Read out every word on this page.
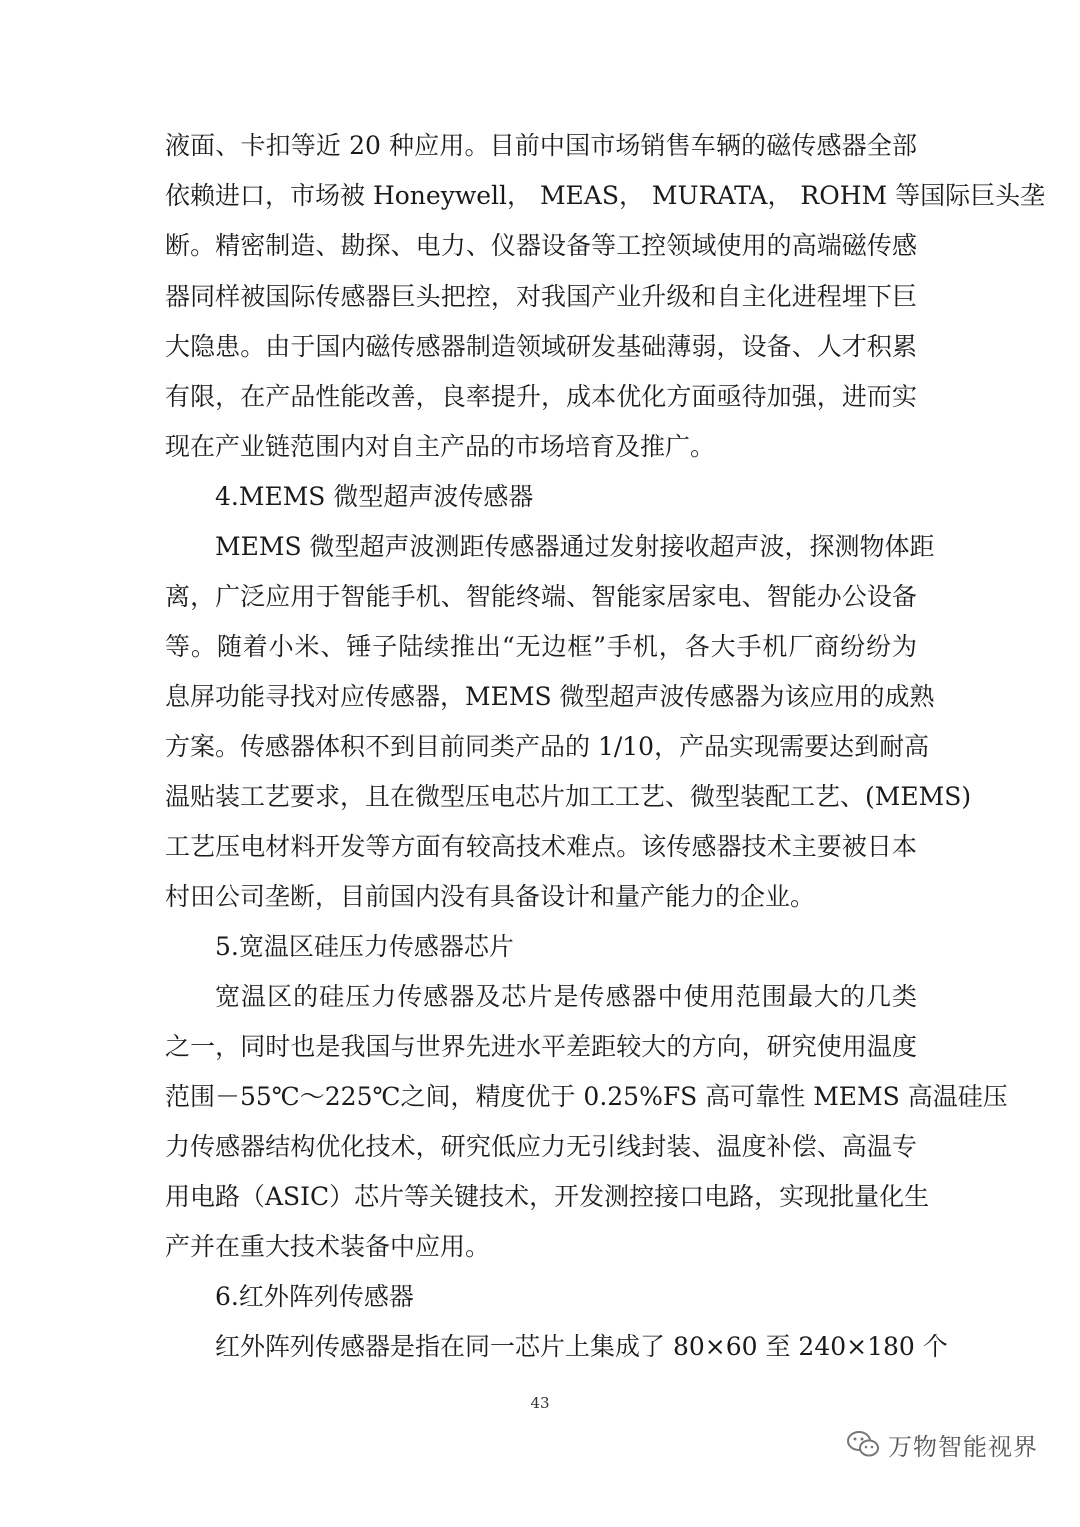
液面、卡扣等近 20 种应用。目前中国市场销售车辆的磁传感器全部
依赖进口，市场被 Honeywell， MEAS， MURATA， ROHM 等国际巨头垄
断。精密制造、勘探、电力、仪器设备等工控领域使用的高端磁传感
器同样被国际传感器巨头把控，对我国产业升级和自主化进程埋下巨
大隐患。由于国内磁传感器制造领域研发基础薄弱，设备、人才积累
有限，在产品性能改善，良率提升，成本优化方面亟待加强，进而实
现在产业链范围内对自主产品的市场培育及推广。
4.MEMS 微型超声波传感器
MEMS 微型超声波测距传感器通过发射接收超声波，探测物体距
离，广泛应用于智能手机、智能终端、智能家居家电、智能办公设备
等。随着小米、锤子陆续推出“无边框”手机，各大手机厂商纷纷为
息屏功能寻找对应传感器，MEMS 微型超声波传感器为该应用的成熟
方案。传感器体积不到目前同类产品的 1/10，产品实现需要达到耐高
温贴装工艺要求，且在微型压电芯片加工工艺、微型装配工艺、(MEMS)
工艺压电材料开发等方面有较高技术难点。该传感器技术主要被日本
村田公司垄断，目前国内没有具备设计和量产能力的企业。
5.宽温区硅压力传感器芯片
宽温区的硅压力传感器及芯片是传感器中使用范围最大的几类
之一，同时也是我国与世界先进水平差距较大的方向，研究使用温度
范围－55℃～225℃之间，精度优于 0.25%FS 高可靠性 MEMS 高温硅压
力传感器结构优化技术，研究低应力无引线封装、温度补偿、高温专
用电路（ASIC）芯片等关键技术，开发测控接口电路，实现批量化生
产并在重大技术装备中应用。
6.红外阵列传感器
红外阵列传感器是指在同一芯片上集成了 80×60 至 240×180 个
43
万物智能视界
